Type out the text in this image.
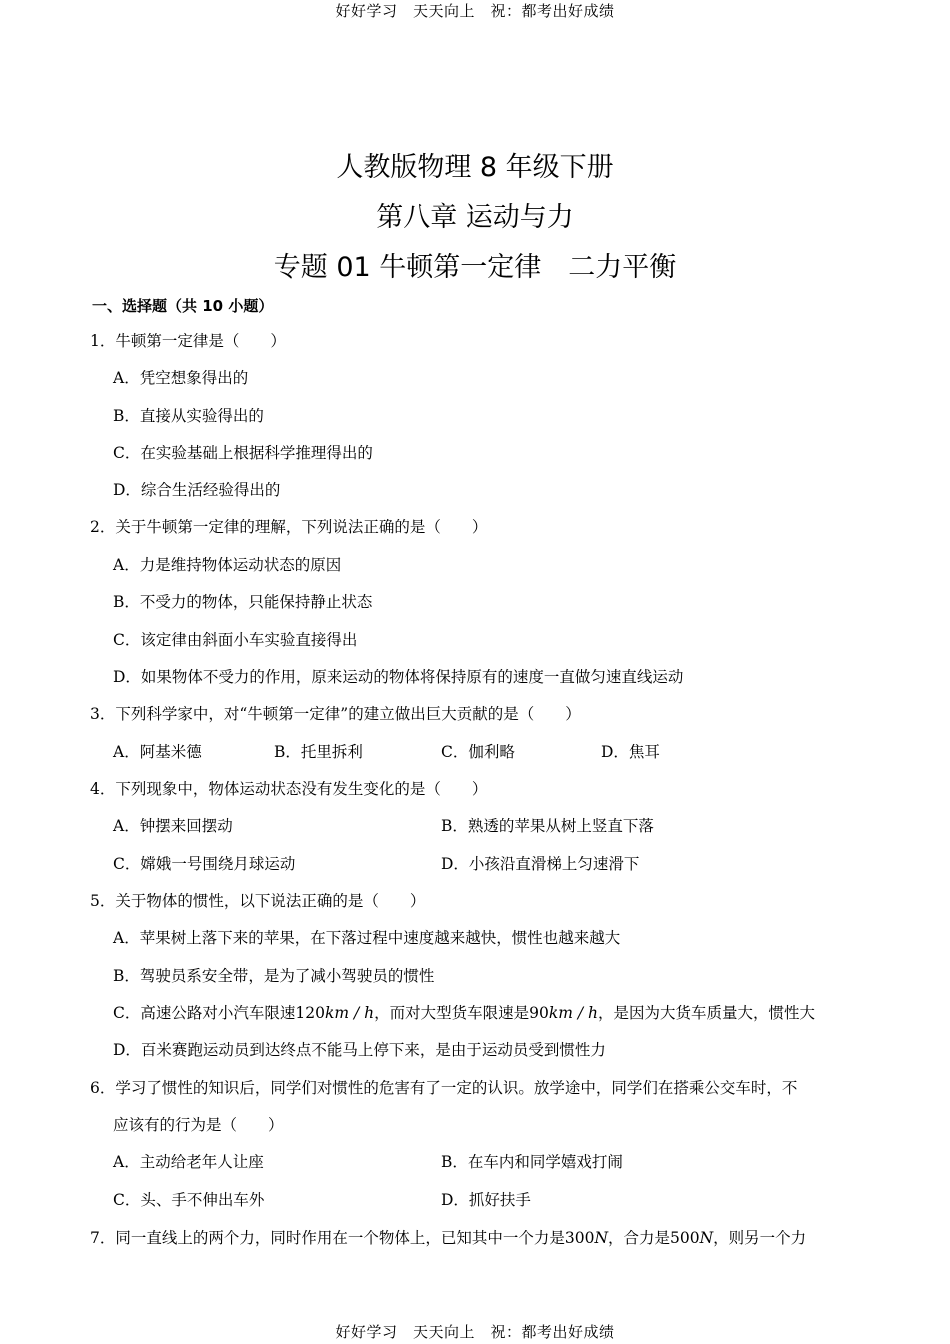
好好学习　天天向上　祝：都考出好成绩
人教版物理 8 年级下册
第八章 运动与力
专题 01 牛顿第一定律　二力平衡
一、选择题（共 10 小题）
1．牛顿第一定律是（　　）
A．凭空想象得出的
B．直接从实验得出的
C．在实验基础上根据科学推理得出的
D．综合生活经验得出的
2．关于牛顿第一定律的理解，下列说法正确的是（　　）
A．力是维持物体运动状态的原因
B．不受力的物体，只能保持静止状态
C．该定律由斜面小车实验直接得出
D．如果物体不受力的作用，原来运动的物体将保持原有的速度一直做匀速直线运动
3．下列科学家中，对“牛顿第一定律”的建立做出巨大贡献的是（　　）
A．阿基米德	B．托里拆利	C．伽利略	D．焦耳
4．下列现象中，物体运动状态没有发生变化的是（　　）
A．钟摆来回摆动	B．熟透的苹果从树上竖直下落
C．嫦娥一号围绕月球运动	D．小孩沿直滑梯上匀速滑下
5．关于物体的惯性，以下说法正确的是（　　）
A．苹果树上落下来的苹果，在下落过程中速度越来越快，惯性也越来越大
B．驾驶员系安全带，是为了减小驾驶员的惯性
C．高速公路对小汽车限速120km / h，而对大型货车限速是90km / h，是因为大货车质量大，惯性大
D．百米赛跑运动员到达终点不能马上停下来，是由于运动员受到惯性力
6．学习了惯性的知识后，同学们对惯性的危害有了一定的认识。放学途中，同学们在搭乘公交车时，不
应该有的行为是（　　）
A．主动给老年人让座	B．在车内和同学嬉戏打闹
C．头、手不伸出车外	D．抓好扶手
7．同一直线上的两个力，同时作用在一个物体上，已知其中一个力是300N，合力是500N，则另一个力
好好学习　天天向上　祝：都考出好成绩
